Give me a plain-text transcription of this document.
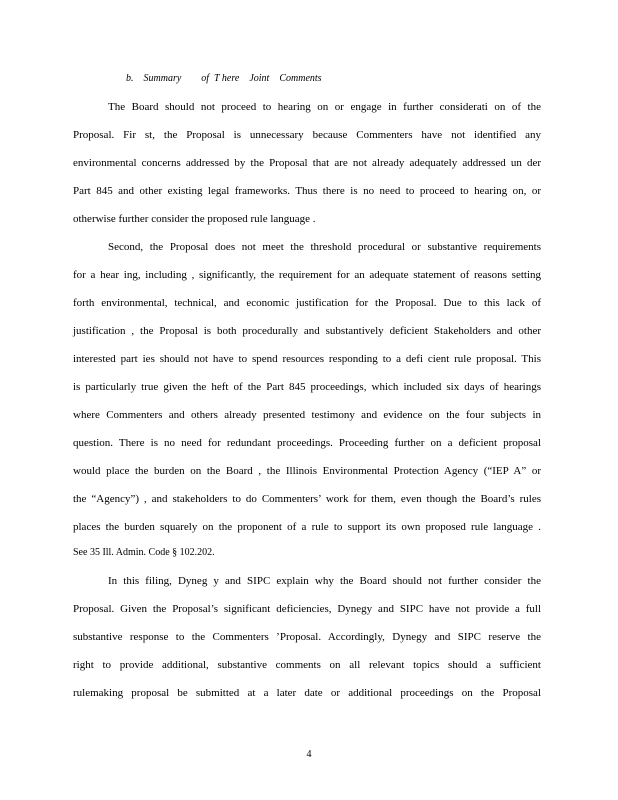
b.    Summary        of  T here    Joint    Comments
The Board should not proceed to hearing on or engage in further considerati on of the
Proposal. Fir st, the Proposal is unnecessary because Commenters have not identified any
environmental concerns addressed by the Proposal that are not already adequately addressed un der
Part 845 and other existing legal frameworks. Thus there is no need to proceed to hearing on, or
otherwise further consider the proposed rule language .
Second, the Proposal does not meet the threshold procedural or substantive requirements
for a hear ing, including , significantly, the requirement for an adequate statement of reasons setting
forth environmental, technical, and economic justification for the Proposal. Due to this lack of
justification , the Proposal is both procedurally and substantively deficient Stakeholders and other
interested part ies should not have to spend resources responding to a defi cient rule proposal. This
is particularly true given the heft of the Part 845 proceedings, which included six days of hearings
where Commenters and others already presented testimony and evidence on the four subjects in
question. There is no need for redundant proceedings. Proceeding further on a deficient proposal
would place the burden on the Board , the Illinois Environmental Protection Agency (“IEP A” or
the “Agency”) , and stakeholders to do Commenters’ work for them, even though the Board’s rules
places the burden squarely on the proponent of a rule to support its own proposed rule language .
See 35 Ill. Admin. Code § 102.202.
In this filing, Dyneg y and SIPC explain why the Board should not further consider the
Proposal. Given the Proposal’s significant deficiencies, Dynegy and SIPC have not provide a full
substantive response to the Commenters ’Proposal. Accordingly, Dynegy and SIPC reserve the
right to provide additional, substantive comments on all relevant topics should a sufficient
rulemaking proposal be submitted at a later date or additional proceedings on the Proposal
4
